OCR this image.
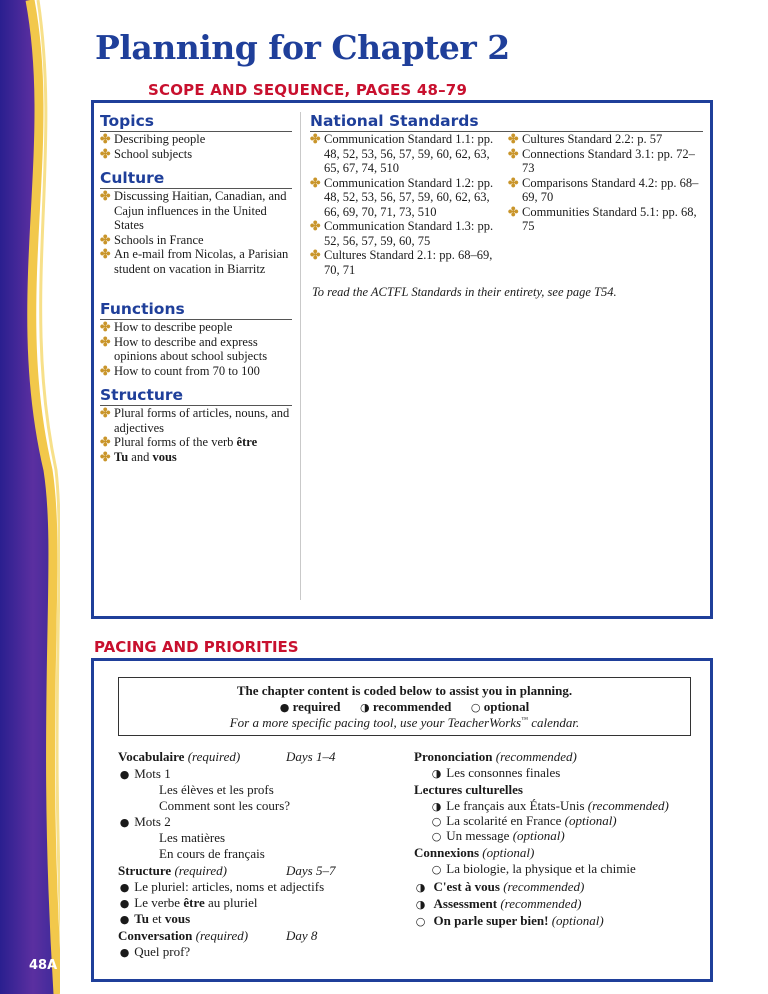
48A
Planning for Chapter 2
SCOPE AND SEQUENCE, PAGES 48–79
Topics
✤ Describing people
✤ School subjects
Culture
✤ Discussing Haitian, Canadian, and Cajun influences in the United States
✤ Schools in France
✤ An e-mail from Nicolas, a Parisian student on vacation in Biarritz
Functions
✤ How to describe people
✤ How to describe and express opinions about school subjects
✤ How to count from 70 to 100
Structure
✤ Plural forms of articles, nouns, and adjectives
✤ Plural forms of the verb être
✤ Tu and vous
National Standards
✤ Communication Standard 1.1: pp. 48, 52, 53, 56, 57, 59, 60, 62, 63, 65, 67, 74, 510
✤ Communication Standard 1.2: pp. 48, 52, 53, 56, 57, 59, 60, 62, 63, 66, 69, 70, 71, 73, 510
✤ Communication Standard 1.3: pp. 52, 56, 57, 59, 60, 75
✤ Cultures Standard 2.1: pp. 68–69, 70, 71
✤ Cultures Standard 2.2: p. 57
✤ Connections Standard 3.1: pp. 72–73
✤ Comparisons Standard 4.2: pp. 68–69, 70
✤ Communities Standard 5.1: pp. 68, 75
To read the ACTFL Standards in their entirety, see page T54.
PACING AND PRIORITIES
The chapter content is coded below to assist you in planning.
● required ◑ recommended ○ optional
For a more specific pacing tool, use your TeacherWorks™ calendar.
Vocabulaire (required)	Days 1–4
● Mots 1
Les élèves et les profs
Comment sont les cours?
● Mots 2
Les matières
En cours de français
Structure (required)	Days 5–7
● Le pluriel: articles, noms et adjectifs
● Le verbe être au pluriel
● Tu et vous
Conversation (required)	Day 8
● Quel prof?
Prononciation (recommended)
◑ Les consonnes finales
Lectures culturelles
◑ Le français aux États-Unis (recommended)
○ La scolarité en France (optional)
○ Un message (optional)
Connexions (optional)
○ La biologie, la physique et la chimie
◑ C'est à vous (recommended)
◑ Assessment (recommended)
○ On parle super bien! (optional)
